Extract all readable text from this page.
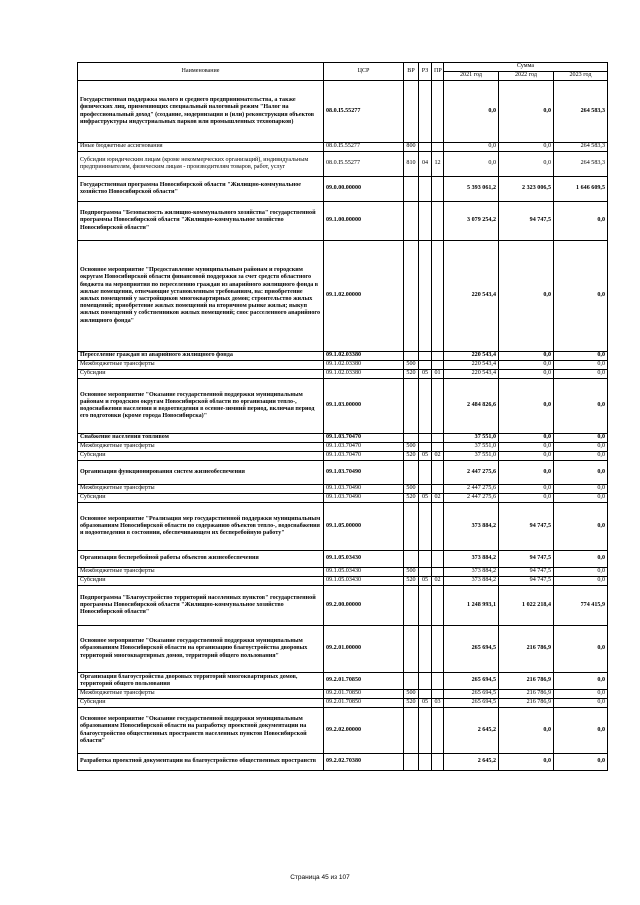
Наименование	ЦСР	ВР	РЗ	ПР	Сумма		
					2021 год	2022 год	2023 год
Государственная поддержка малого и среднего предпринимательства, а также физических лиц, применяющих специальный налоговый режим "Налог на профессиональный доход" (создание, модернизация и (или) реконструкция объектов инфраструктуры индустриальных парков или промышленных технопарков)	08.0.I5.55277				0,0	0,0	264 583,3
Иные бюджетные ассигнования	08.0.I5.55277	800			0,0	0,0	264 583,3
Субсидии юридическим лицам (кроме некоммерческих организаций), индивидуальным предпринимателям, физическим лицам - производителям товаров, работ, услуг	08.0.I5.55277	810	04	12	0,0	0,0	264 583,3
Государственная программа Новосибирской области "Жилищно-коммунальное хозяйство Новосибирской области"	09.0.00.00000				5 393 061,2	2 323 006,5	1 646 609,5
Подпрограмма "Безопасность жилищно-коммунального хозяйства" государственной программы Новосибирской области "Жилищно-коммунальное хозяйство Новосибирской области"	09.1.00.00000				3 079 254,2	94 747,5	0,0
Основное мероприятие "Предоставление муниципальным районам и городским округам Новосибирской области финансовой поддержки за счет средств областного бюджета на мероприятия по переселению граждан из аварийного жилищного фонда в жилые помещения, отвечающие установленным требованиям, на: приобретение жилых помещений у застройщиков многоквартирных домов; строительство жилых помещений; приобретение жилых помещений на вторичном рынке жилья; выкуп жилых помещений у собственников жилых помещений; снос расселенного аварийного жилищного фонда"	09.1.02.00000				220 543,4	0,0	0,0
Переселение граждан из аварийного жилищного фонда	09.1.02.03380				220 543,4	0,0	0,0
Межбюджетные трансферты	09.1.02.03380	500			220 543,4	0,0	0,0
Субсидии	09.1.02.03380	520	05	01	220 543,4	0,0	0,0
Основное мероприятие "Оказание государственной поддержки муниципальным районам и городским округам Новосибирской области по организации тепло-, водоснабжения населения и водоотведения в осенне-зимний период, включая период его подготовки (кроме города Новосибирска)"	09.1.03.00000				2 484 826,6	0,0	0,0
Снабжение населения топливом	09.1.03.70470				37 551,0	0,0	0,0
Межбюджетные трансферты	09.1.03.70470	500			37 551,0	0,0	0,0
Субсидии	09.1.03.70470	520	05	02	37 551,0	0,0	0,0
Организация функционирования систем жизнеобеспечения	09.1.03.70490				2 447 275,6	0,0	0,0
Межбюджетные трансферты	09.1.03.70490	500			2 447 275,6	0,0	0,0
Субсидии	09.1.03.70490	520	05	02	2 447 275,6	0,0	0,0
Основное мероприятие "Реализация мер государственной поддержки муниципальным образованиям Новосибирской области по содержанию объектов тепло-, водоснабжения и водоотведения в состоянии, обеспечивающем их бесперебойную работу"	09.1.05.00000				373 884,2	94 747,5	0,0
Организация бесперебойной работы объектов жизнеобеспечения	09.1.05.03430				373 884,2	94 747,5	0,0
Межбюджетные трансферты	09.1.05.03430	500			373 884,2	94 747,5	0,0
Субсидии	09.1.05.03430	520	05	02	373 884,2	94 747,5	0,0
Подпрограмма "Благоустройство территорий населенных пунктов" государственной программы Новосибирской области "Жилищно-коммунальное хозяйство Новосибирской области"	09.2.00.00000				1 248 993,1	1 022 218,4	774 415,9
Основное мероприятие "Оказание государственной поддержки муниципальным образованиям Новосибирской области на организацию благоустройства дворовых территорий многоквартирных домов, территорий общего пользования"	09.2.01.00000				265 694,5	216 786,9	0,0
Организация благоустройства дворовых территорий многоквартирных домов, территорий общего пользования	09.2.01.70850				265 694,5	216 786,9	0,0
Межбюджетные трансферты	09.2.01.70850	500			265 694,5	216 786,9	0,0
Субсидии	09.2.01.70850	520	05	03	265 694,5	216 786,9	0,0
Основное мероприятие "Оказание государственной поддержки муниципальным образованиям Новосибирской области на разработку проектной документации на благоустройство общественных пространств населенных пунктов Новосибирской области"	09.2.02.00000				2 645,2	0,0	0,0
Разработка проектной документации на благоустройство общественных пространств	09.2.02.70380				2 645,2	0,0	0,0
Страница 45 из 107
